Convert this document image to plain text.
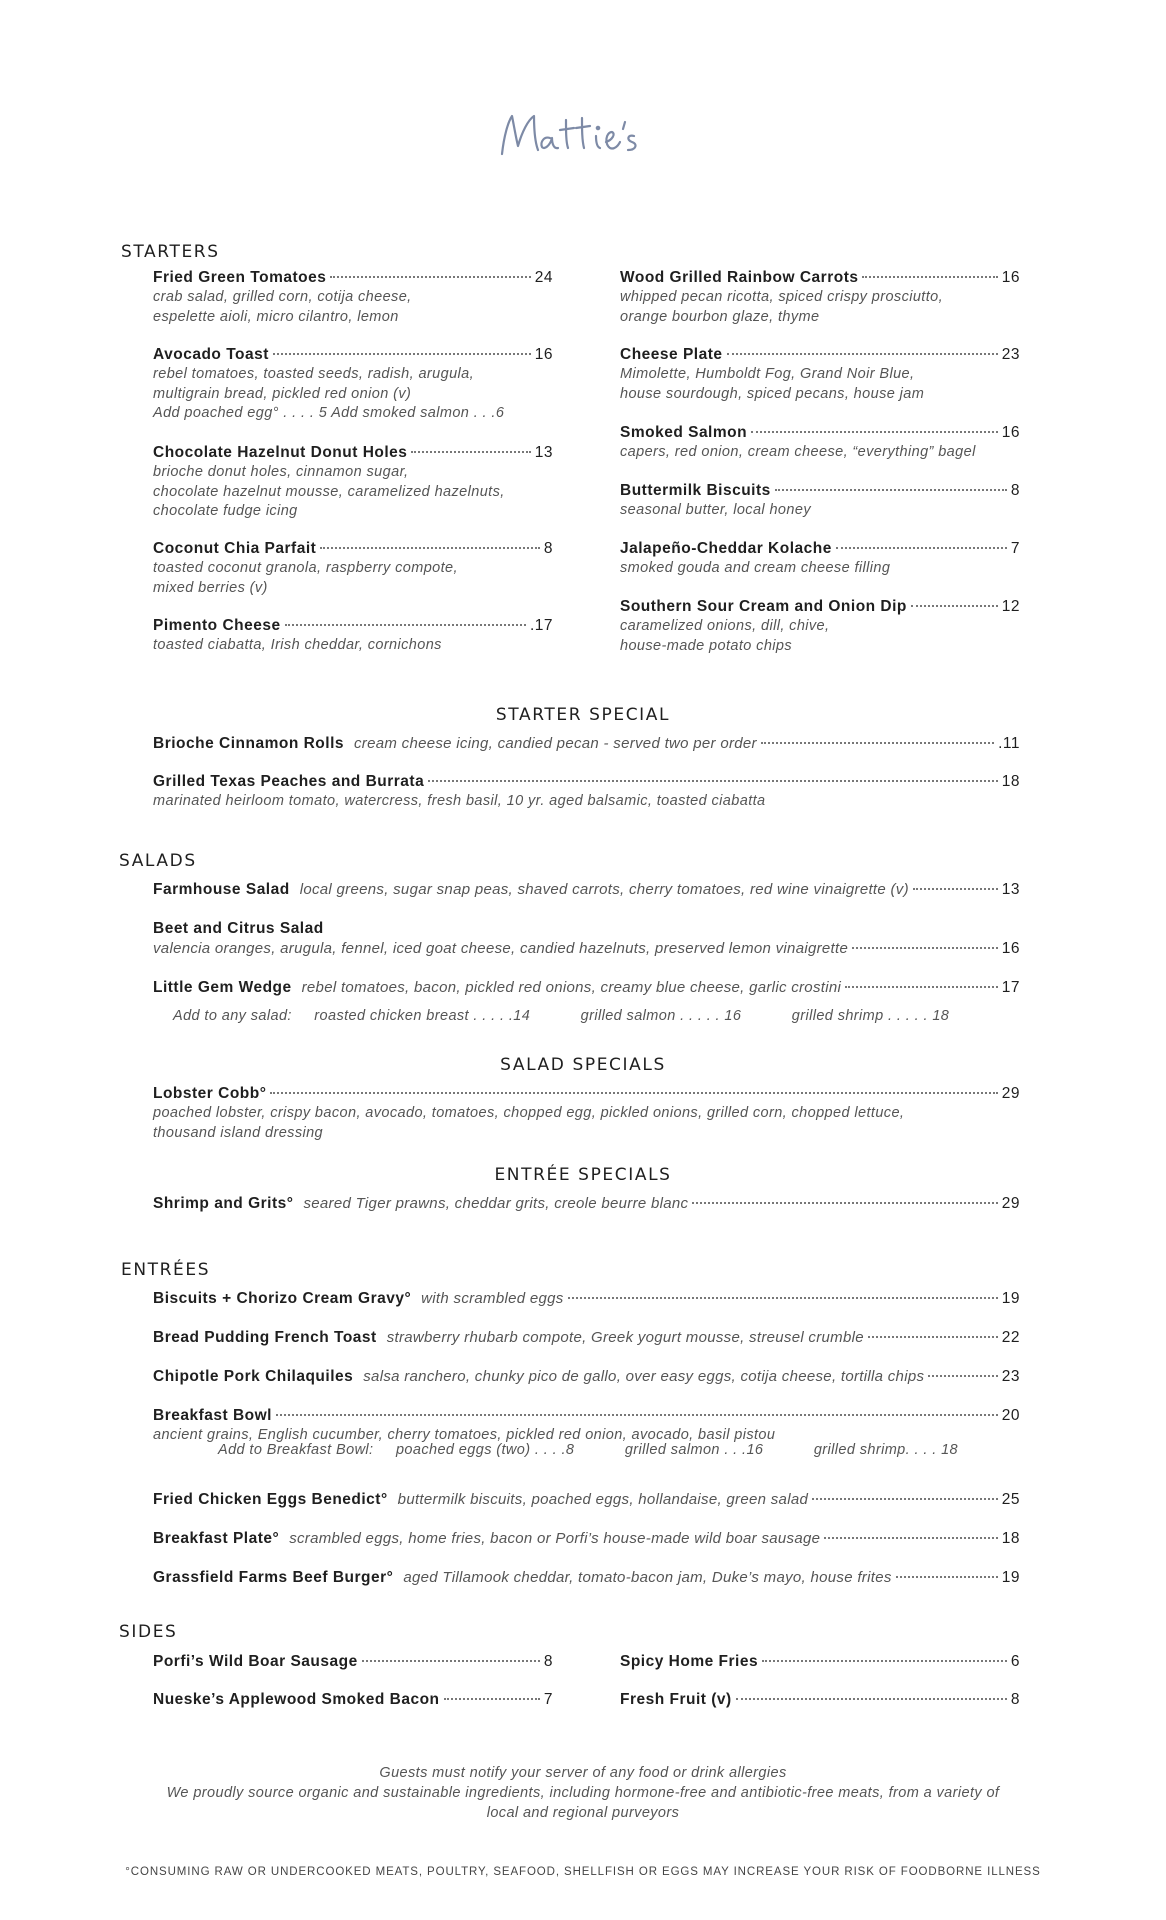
STARTERS
STARTER SPECIAL
SALADS
Add to any salad: roasted chicken breast . . . . .14	grilled salmon . . . . . 16	grilled shrimp . . . . . 18
SALAD SPECIALS
ENTRÉE SPECIALS
ENTRÉES
Add to Breakfast Bowl: poached eggs (two) . . . .8	grilled salmon . . .16	grilled shrimp. . . . 18
SIDES
Guests must notify your server of any food or drink allergies
We proudly source organic and sustainable ingredients, including hormone-free and antibiotic-free meats, from a variety of local and regional purveyors
°CONSUMING RAW OR UNDERCOOKED MEATS, POULTRY, SEAFOOD, SHELLFISH OR EGGS MAY INCREASE YOUR RISK OF FOODBORNE ILLNESS
Fried Green Tomatoes	24
crab salad, grilled corn, cotija cheese,
espelette aioli, micro cilantro, lemon
Avocado Toast	16
rebel tomatoes, toasted seeds, radish, arugula,
multigrain bread, pickled red onion (v)
Add poached egg° . . . . 5 Add smoked salmon . . .6
Chocolate Hazelnut Donut Holes	13
brioche donut holes, cinnamon sugar,
chocolate hazelnut mousse, caramelized hazelnuts,
chocolate fudge icing
Coconut Chia Parfait	8
toasted coconut granola, raspberry compote,
mixed berries (v)
Pimento Cheese	.17
toasted ciabatta, Irish cheddar, cornichons
Wood Grilled Rainbow Carrots	16
whipped pecan ricotta, spiced crispy prosciutto,
orange bourbon glaze, thyme
Cheese Plate	23
Mimolette, Humboldt Fog, Grand Noir Blue,
house sourdough, spiced pecans, house jam
Smoked Salmon	16
capers, red onion, cream cheese, “everything” bagel
Buttermilk Biscuits	8
seasonal butter, local honey
Jalapeño-Cheddar Kolache	7
smoked gouda and cream cheese filling
Southern Sour Cream and Onion Dip	12
caramelized onions, dill, chive,
house-made potato chips
Brioche Cinnamon Rolls cream cheese icing, candied pecan - served two per order	.11
Grilled Texas Peaches and Burrata	18
marinated heirloom tomato, watercress, fresh basil, 10 yr. aged balsamic, toasted ciabatta
Farmhouse Salad local greens, sugar snap peas, shaved carrots, cherry tomatoes, red wine vinaigrette (v)	13
Beet and Citrus Salad
valencia oranges, arugula, fennel, iced goat cheese, candied hazelnuts, preserved lemon vinaigrette	16
Little Gem Wedge rebel tomatoes, bacon, pickled red onions, creamy blue cheese, garlic crostini	17
Lobster Cobb°	29
poached lobster, crispy bacon, avocado, tomatoes, chopped egg, pickled onions, grilled corn, chopped lettuce,
thousand island dressing
Shrimp and Grits° seared Tiger prawns, cheddar grits, creole beurre blanc	29
Biscuits + Chorizo Cream Gravy° with scrambled eggs	19
Bread Pudding French Toast strawberry rhubarb compote, Greek yogurt mousse, streusel crumble	22
Chipotle Pork Chilaquiles salsa ranchero, chunky pico de gallo, over easy eggs, cotija cheese, tortilla chips	23
Breakfast Bowl	20
ancient grains, English cucumber, cherry tomatoes, pickled red onion, avocado, basil pistou
Fried Chicken Eggs Benedict° buttermilk biscuits, poached eggs, hollandaise, green salad	25
Breakfast Plate° scrambled eggs, home fries, bacon or Porfi’s house-made wild boar sausage	18
Grassfield Farms Beef Burger° aged Tillamook cheddar, tomato-bacon jam, Duke’s mayo, house frites	19
Porfi’s Wild Boar Sausage	8
Nueske’s Applewood Smoked Bacon	7
Spicy Home Fries	6
Fresh Fruit (v)	8
